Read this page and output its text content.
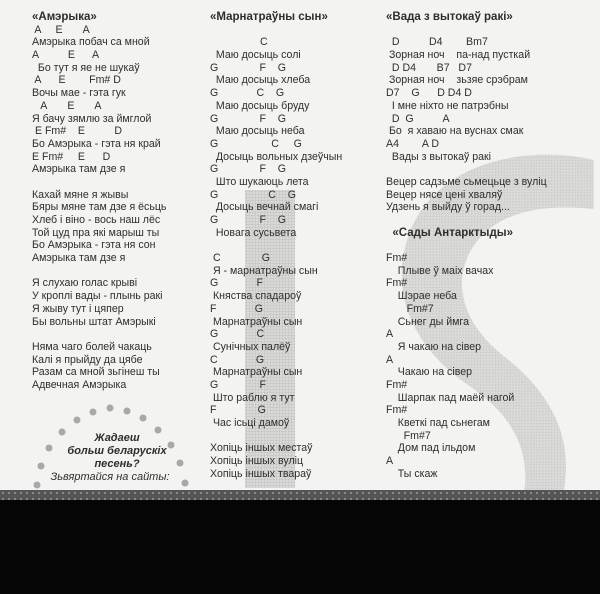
«Амэрыка»
A     E       A
Амэрыка побач са мной
A          E      A
Бо тут я яе не шукаў
A      E        Fm# D
Вочы мае - гэта гук
A       E       A
Я бачу зямлю за ймглой
E Fm#    E          D
Бо Амэрыка - гэта ня край
E Fm#     E      D
Амэрыка там дзе я
Кахай мяне я жывы
Бяры мяне там дзе я ёсьць
Хлеб і віно - вось наш лёс
Той цуд пра які марыш ты
Бо Амэрыка - гэта ня сон
Амэрыка там дзе я
Я слухаю голас крыві
У кроплі вады - плынь ракі
Я жыву тут і цяпер
Бы вольны штат Амэрыкі
Няма чаго болей чакаць
Калі я прыйду да цябе
Разам са мной зьгінеш ты
Адвечная Амэрыка
«Марнатраўны сын»
C
Маю досыць солі
G              F    G
Маю досыць хлеба
G             C    G
Маю досыць бруду
G              F    G
Маю досыць неба
G                  C     G
Досыць вольных дзеўчын
G              F    G
Што шукаюць лета
G                 C    G
Досыць вечнай смагі
G              F    G
Новага сусьвета
C              G
Я - марнатраўны сын
G             F
Княства спадароў
F             G
Марнатраўны сын
G             C
Сунічных палёў
C             G
Марнатраўны сын
G              F
Што раблю я тут
F              G
Час ісьці дамоў
Хопіць іншых местаў
Хопіць іншых вуліц
Хопіць іншых твараў
«Вада з вытокаў ракі»
D          D4        Bm7
Зорная ноч    па-над пусткай
D D4       B7   D7
Зорная ноч    зьзяе срэбрам
D7    G      D D4 D
І мне ніхто не патрэбны
D  G          A
Бо  я хаваю на вуснах смак
A4        A D
Вады з вытокаў ракі
Вецер садзьме сьмецьце з вуліц
Вецер нясе цені хваляў
Удзень я выйду ў горад...
«Сады Антарктыды»
Fm#
Плыве ў маіх вачах
Fm#
Шэрае неба
Fm#7
Сьнег ды ймга
A
Я чакаю на сівер
A
Чакаю на сівер
Fm#
Шарпак пад маёй нагой
Fm#
Кветкі пад сьнегам
Fm#7
Дом пад ільдом
A
Ты скаж
Жадаеш
больш беларускіх
песень?
Зьвяртайся на сайты:
